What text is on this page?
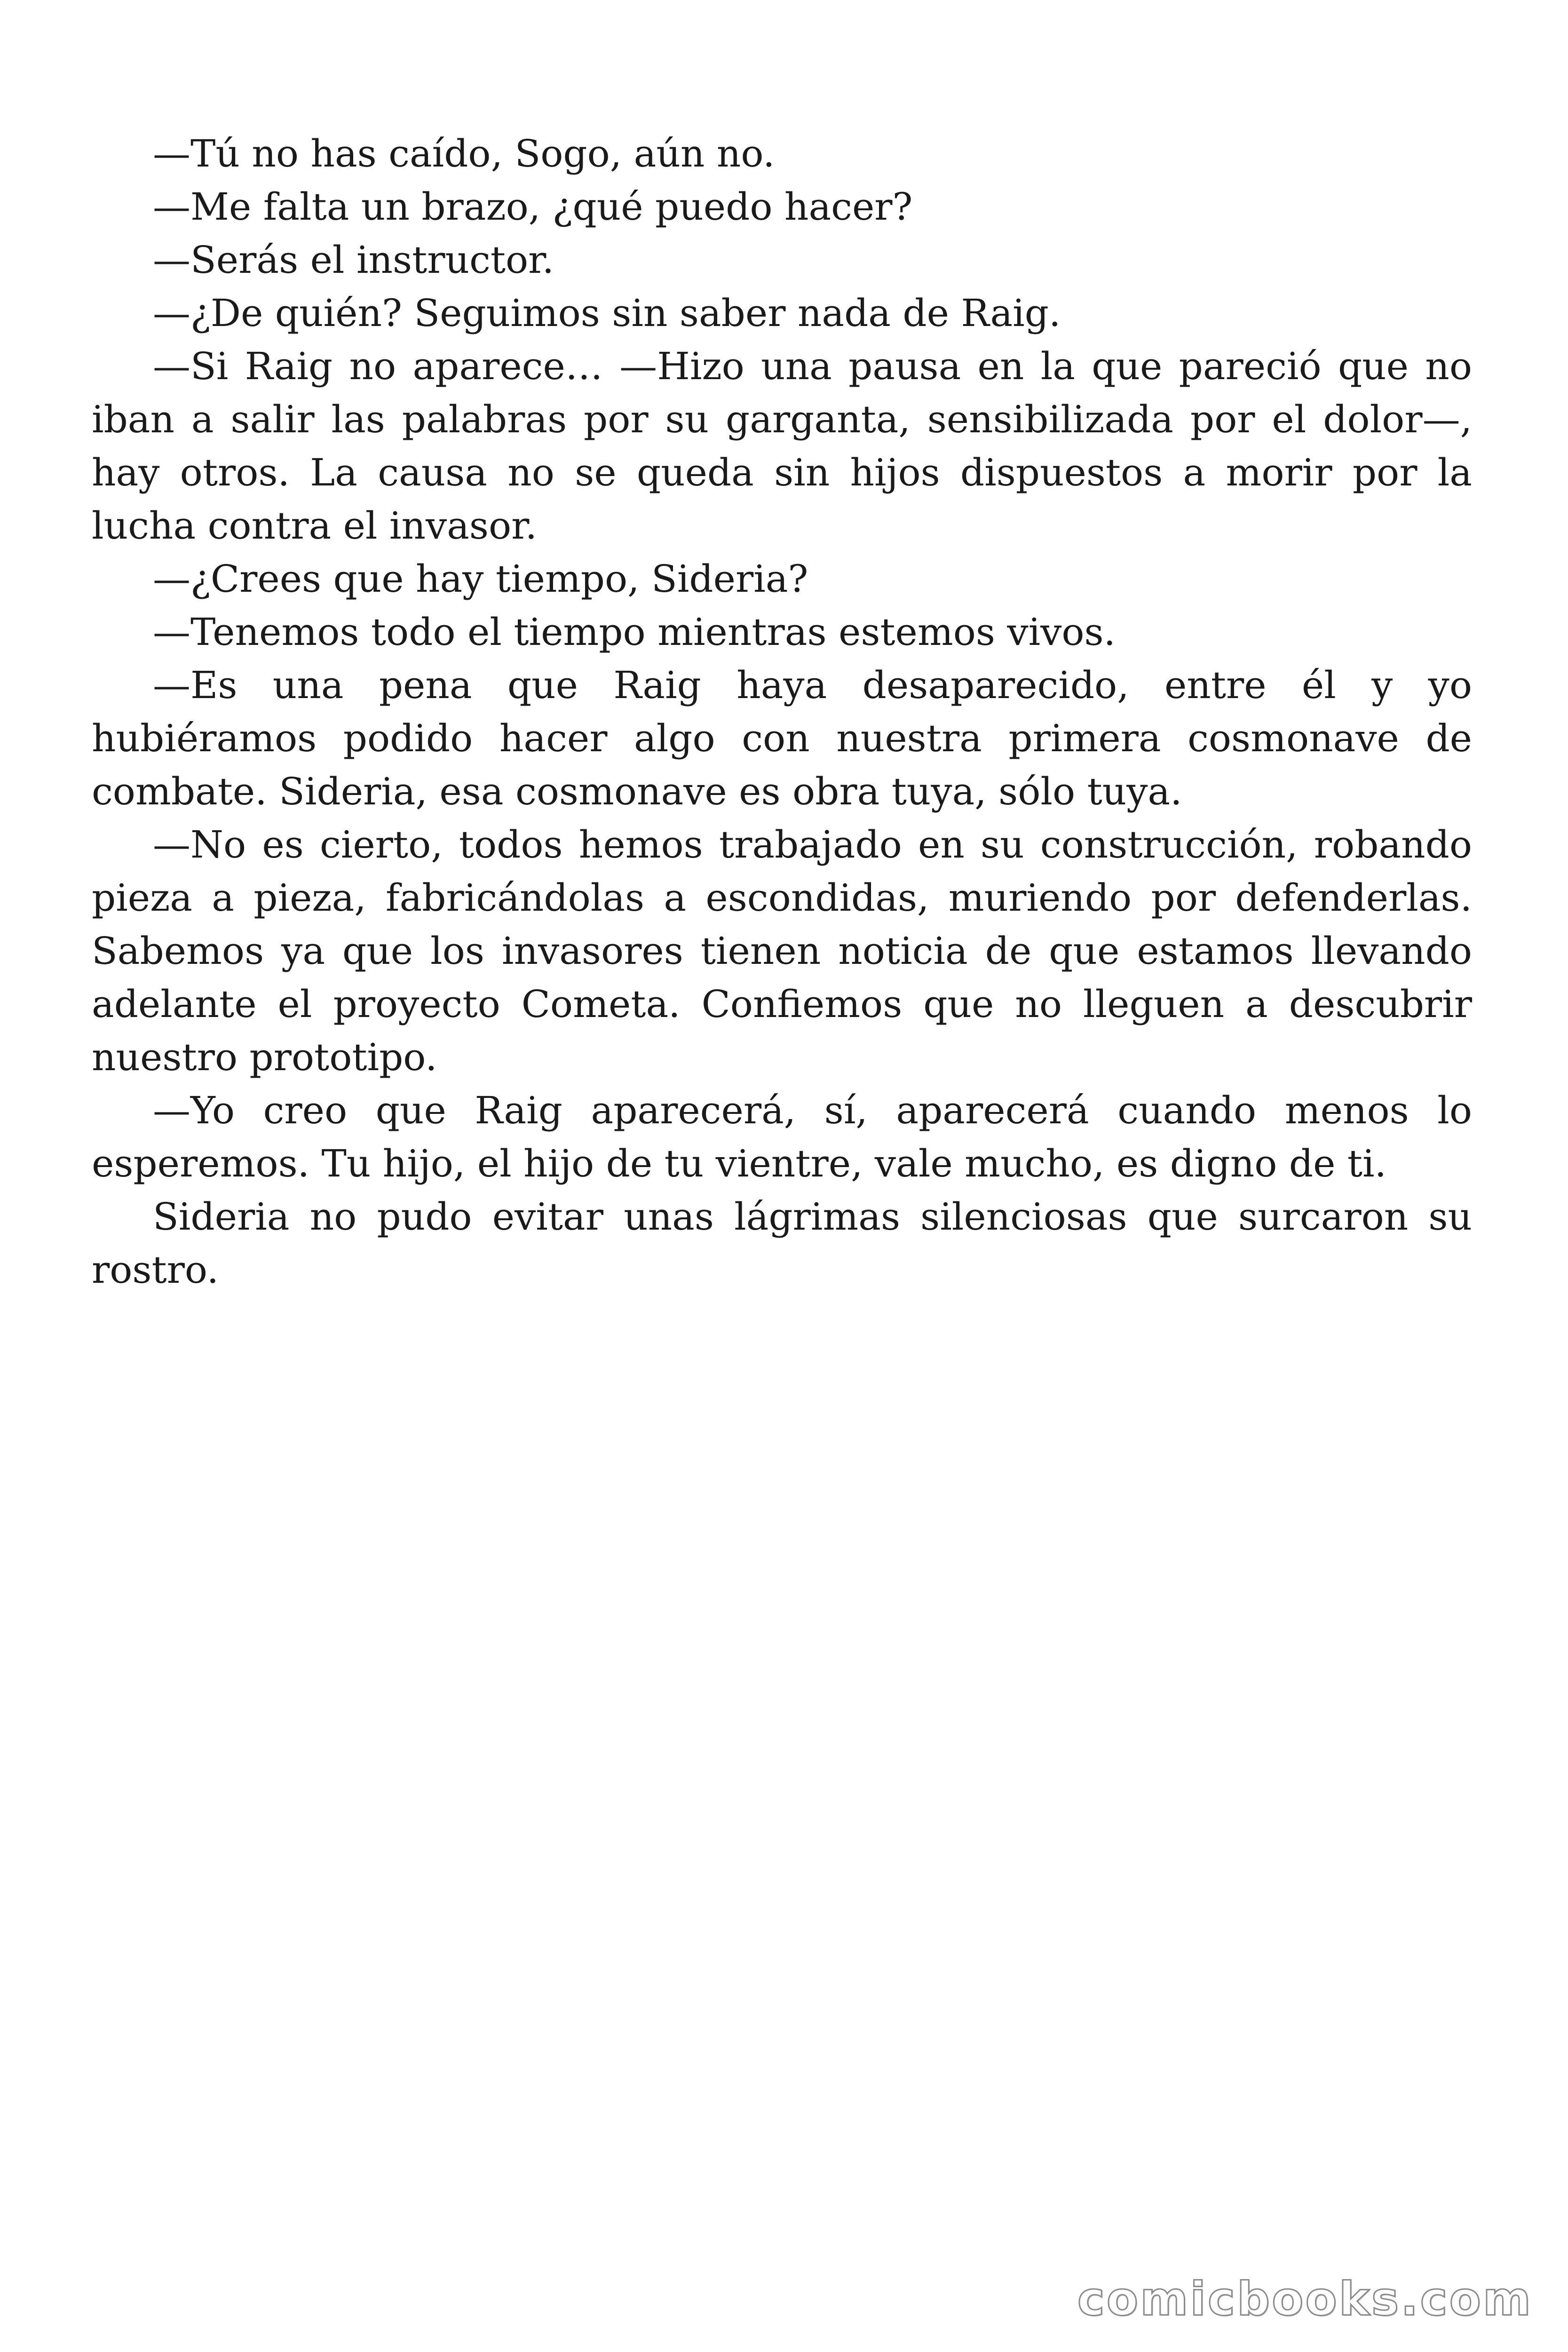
—Tú no has caído, Sogo, aún no.

—Me falta un brazo, ¿qué puedo hacer?

—Serás el instructor.

—¿De quién? Seguimos sin saber nada de Raig.

—Si Raig no aparece… —Hizo una pausa en la que pareció que no iban a salir las palabras por su garganta, sensibilizada por el dolor—, hay otros. La causa no se queda sin hijos dispuestos a morir por la lucha contra el invasor.

—¿Crees que hay tiempo, Sideria?

—Tenemos todo el tiempo mientras estemos vivos.

—Es una pena que Raig haya desaparecido, entre él y yo hubiéramos podido hacer algo con nuestra primera cosmonave de combate. Sideria, esa cosmonave es obra tuya, sólo tuya.

—No es cierto, todos hemos trabajado en su construcción, robando pieza a pieza, fabricándolas a escondidas, muriendo por defenderlas. Sabemos ya que los invasores tienen noticia de que estamos llevando adelante el proyecto Cometa. Confiemos que no lleguen a descubrir nuestro prototipo.

—Yo creo que Raig aparecerá, sí, aparecerá cuando menos lo esperemos. Tu hijo, el hijo de tu vientre, vale mucho, es digno de ti.

Sideria no pudo evitar unas lágrimas silenciosas que surcaron su rostro.

comicbooks.com
